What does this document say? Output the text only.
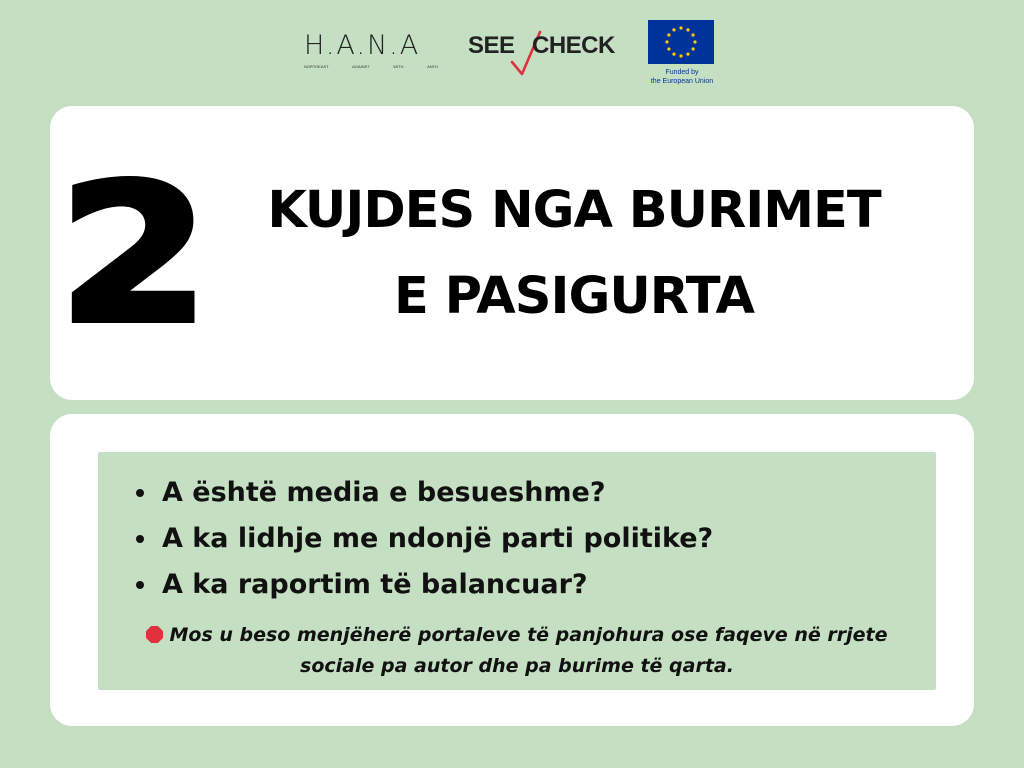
H.A.N.A
NORTHEAST	AGAINST	WITH	ANTH
SEE CHECK
Funded by
the European Union
2	KUJDES NGA BURIMET
E PASIGURTA
A është media e besueshme?
A ka lidhje me ndonjë parti politike?
A ka raportim të balancuar?
Mos u beso menjëherë portaleve të panjohura ose faqeve në rrjete
sociale pa autor dhe pa burime të qarta.
